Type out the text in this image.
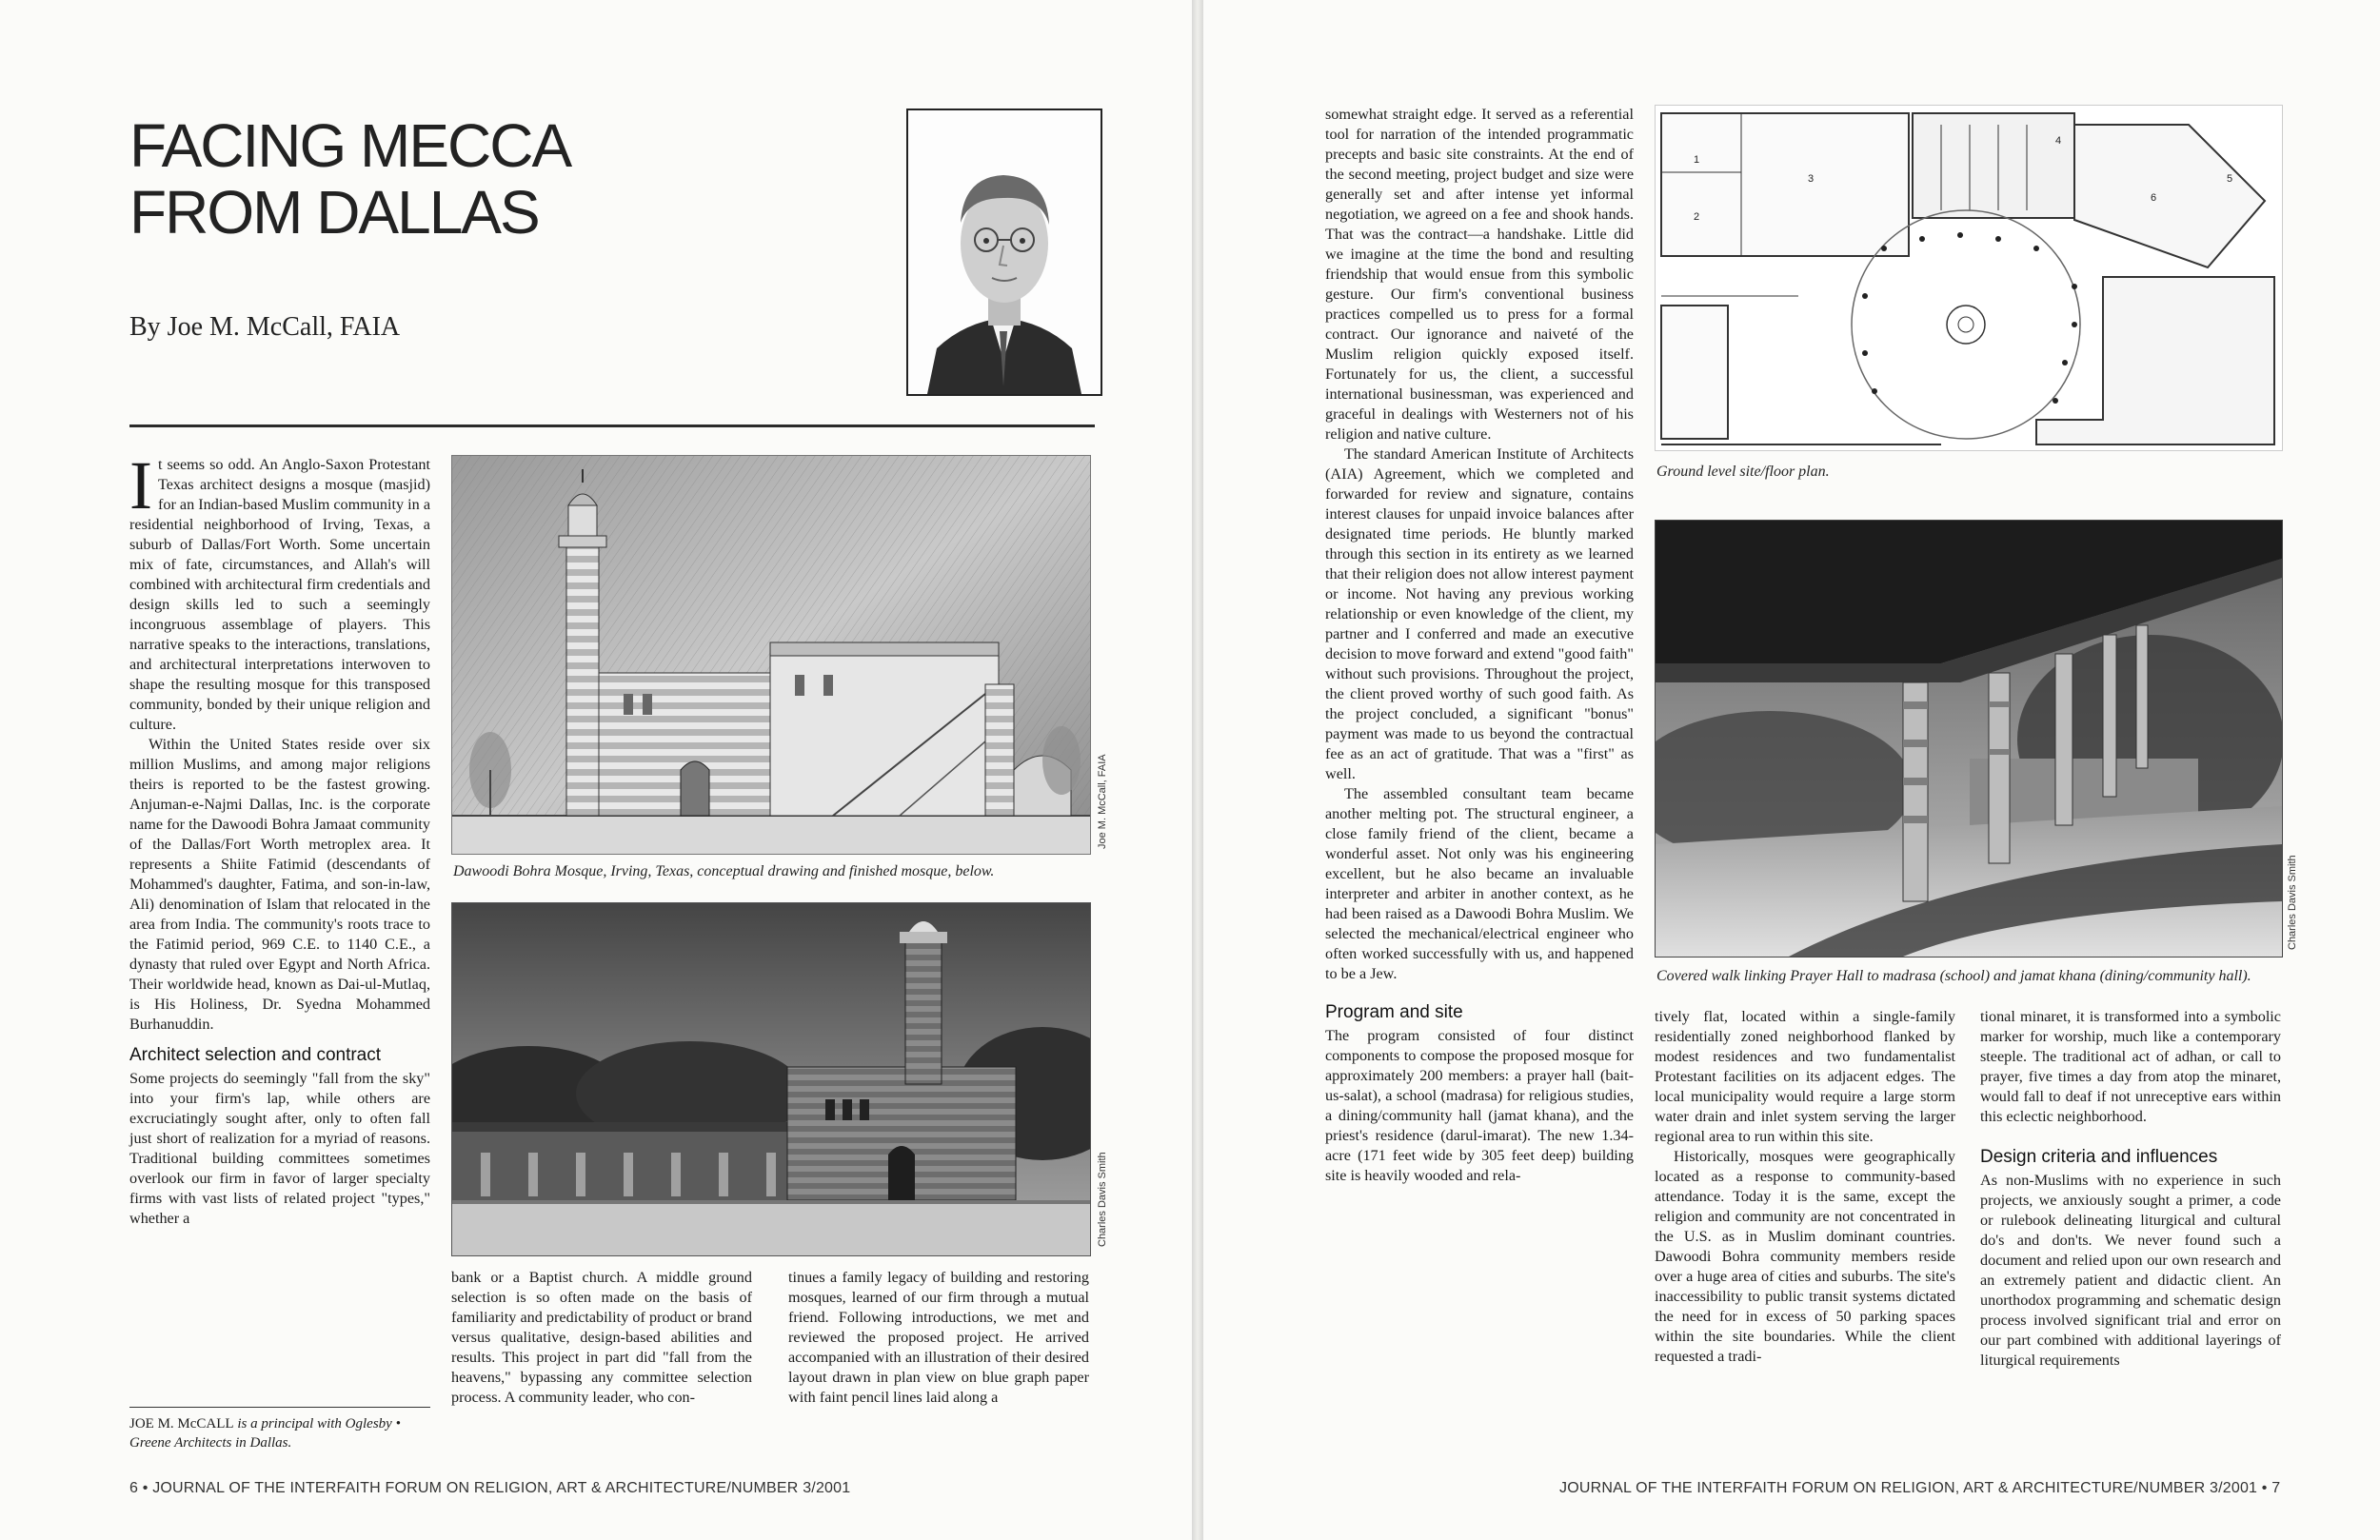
FACING MECCA
FROM DALLAS
By Joe M. McCall, FAIA

It seems so odd. An Anglo-Saxon Protestant Texas architect designs a mosque (masjid) for an Indian-based Muslim community in a residential neighborhood of Irving, Texas, a suburb of Dallas/Fort Worth. Some uncertain mix of fate, circumstances, and Allah's will combined with architectural firm credentials and design skills led to such a seemingly incongruous assemblage of players. This narrative speaks to the interactions, translations, and architectural interpretations interwoven to shape the resulting mosque for this transposed community, bonded by their unique religion and culture.

Within the United States reside over six million Muslims, and among major religions theirs is reported to be the fastest growing. Anjuman-e-Najmi Dallas, Inc. is the corporate name for the Dawoodi Bohra Jamaat community of the Dallas/Fort Worth metroplex area. It represents a Shiite Fatimid (descendants of Mohammed's daughter, Fatima, and son-in-law, Ali) denomination of Islam that relocated in the area from India. The community's roots trace to the Fatimid period, 969 C.E. to 1140 C.E., a dynasty that ruled over Egypt and North Africa. Their worldwide head, known as Dai-ul-Mutlaq, is His Holiness, Dr. Syedna Mohammed Burhanuddin.

Architect selection and contract

Some projects do seemingly "fall from the sky" into your firm's lap, while others are excruciatingly sought after, only to often fall just short of realization for a myriad of reasons. Traditional building committees sometimes overlook our firm in favor of larger specialty firms with vast lists of related project "types," whether a

JOE M. McCALL is a principal with Oglesby • Greene Architects in Dallas.
Joe M. McCall, FAIA
Dawoodi Bohra Mosque, Irving, Texas, conceptual drawing and finished mosque, below.
Charles Davis Smith

bank or a Baptist church. A middle ground selection is so often made on the basis of familiarity and predictability of product or brand versus qualitative, design-based abilities and results. This project in part did "fall from the heavens," bypassing any committee selection process. A community leader, who con-

tinues a family legacy of building and restoring mosques, learned of our firm through a mutual friend. Following introductions, we met and reviewed the proposed project. He arrived accompanied with an illustration of their desired layout drawn in plan view on blue graph paper with faint pencil lines laid along a

6 • JOURNAL OF THE INTERFAITH FORUM ON RELIGION, ART & ARCHITECTURE/NUMBER 3/2001

somewhat straight edge. It served as a referential tool for narration of the intended programmatic precepts and basic site constraints. At the end of the second meeting, project budget and size were generally set and after intense yet informal negotiation, we agreed on a fee and shook hands. That was the contract—a handshake. Little did we imagine at the time the bond and resulting friendship that would ensue from this symbolic gesture. Our firm's conventional business practices compelled us to press for a formal contract. Our ignorance and naiveté of the Muslim religion quickly exposed itself. Fortunately for us, the client, a successful international businessman, was experienced and graceful in dealings with Westerners not of his religion and native culture.

The standard American Institute of Architects (AIA) Agreement, which we completed and forwarded for review and signature, contains interest clauses for unpaid invoice balances after designated time periods. He bluntly marked through this section in its entirety as we learned that their religion does not allow interest payment or income. Not having any previous working relationship or even knowledge of the client, my partner and I conferred and made an executive decision to move forward and extend "good faith" without such provisions. Throughout the project, the client proved worthy of such good faith. As the project concluded, a significant "bonus" payment was made to us beyond the contractual fee as an act of gratitude. That was a "first" as well.

The assembled consultant team became another melting pot. The structural engineer, a close family friend of the client, became a wonderful asset. Not only was his engineering excellent, but he also became an invaluable interpreter and arbiter in another context, as he had been raised as a Dawoodi Bohra Muslim. We selected the mechanical/electrical engineer who often worked successfully with us, and happened to be a Jew.

Program and site

The program consisted of four distinct components to compose the proposed mosque for approximately 200 members: a prayer hall (bait-us-salat), a school (madrasa) for religious studies, a dining/community hall (jamat khana), and the priest's residence (darul-imarat). The new 1.34-acre (171 feet wide by 305 feet deep) building site is heavily wooded and rela-

3
4
5
6
1
2
Ground level site/floor plan.
Charles Davis Smith
Covered walk linking Prayer Hall to madrasa (school) and jamat khana (dining/community hall).

tively flat, located within a single-family residentially zoned neighborhood flanked by modest residences and two fundamentalist Protestant facilities on its adjacent edges. The local municipality would require a large storm water drain and inlet system serving the larger regional area to run within this site.

Historically, mosques were geographically located as a response to community-based attendance. Today it is the same, except the religion and community are not concentrated in the U.S. as in Muslim dominant countries. Dawoodi Bohra community members reside over a huge area of cities and suburbs. The site's inaccessibility to public transit systems dictated the need for in excess of 50 parking spaces within the site boundaries. While the client requested a tradi-

tional minaret, it is transformed into a symbolic marker for worship, much like a contemporary steeple. The traditional act of adhan, or call to prayer, five times a day from atop the minaret, would fall to deaf if not unreceptive ears within this eclectic neighborhood.

Design criteria and influences

As non-Muslims with no experience in such projects, we anxiously sought a primer, a code or rulebook delineating liturgical and cultural do's and don'ts. We never found such a document and relied upon our own research and an extremely patient and didactic client. An unorthodox programming and schematic design process involved significant trial and error on our part combined with additional layerings of liturgical requirements

JOURNAL OF THE INTERFAITH FORUM ON RELIGION, ART & ARCHITECTURE/NUMBER 3/2001 • 7
